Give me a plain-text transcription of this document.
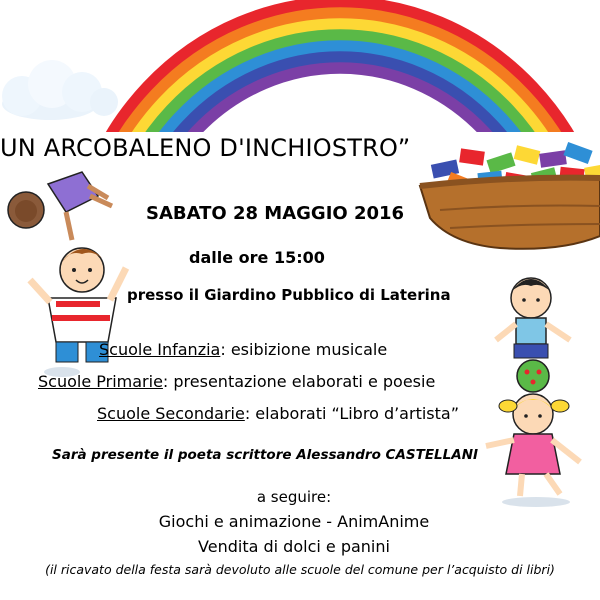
UN ARCOBALENO D'INCHIOSTRO”
SABATO 28 MAGGIO 2016
dalle ore 15:00
presso il Giardino Pubblico di Laterina
Scuole Infanzia: esibizione musicale
Scuole Primarie: presentazione elaborati e poesie
Scuole Secondarie: elaborati “Libro d’artista”
Sarà presente il poeta scrittore Alessandro CASTELLANI
a seguire:
Giochi e animazione - AnimAnime
Vendita di dolci e panini
(il ricavato della festa sarà devoluto alle scuole del comune per l’acquisto di libri)
